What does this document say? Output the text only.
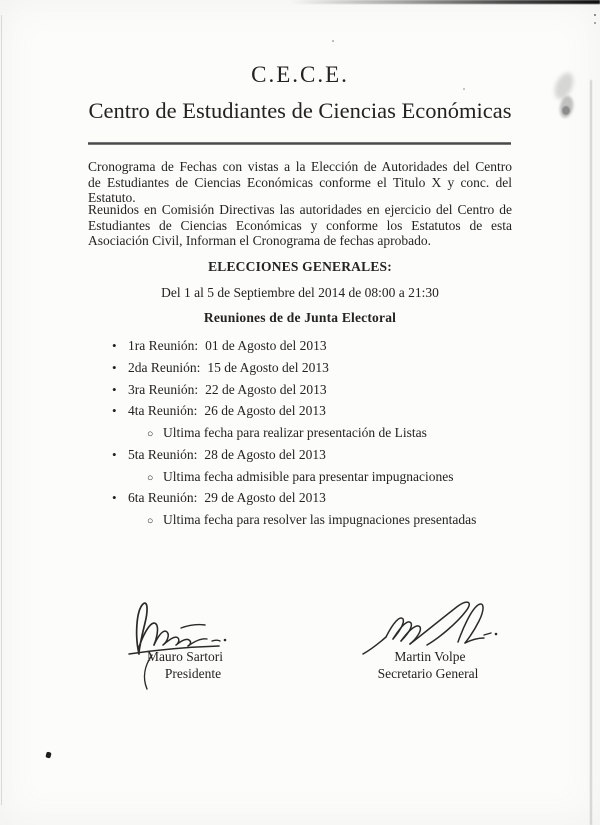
C.E.C.E.
Centro de Estudiantes de Ciencias Económicas
Cronograma de Fechas con vistas a la Elección de Autoridades del Centro de Estudiantes de Ciencias Económicas conforme el Titulo X y conc. del Estatuto.
Reunidos en Comisión Directivas las autoridades en ejercicio del Centro de Estudiantes de Ciencias Económicas y conforme los Estatutos de esta Asociación Civil, Informan el Cronograma de fechas aprobado.
ELECCIONES GENERALES:
Del 1 al 5 de Septiembre del 2014 de 08:00 a 21:30
Reuniones de de Junta Electoral
•
1ra Reunión: 01 de Agosto del 2013
•
2da Reunión: 15 de Agosto del 2013
•
3ra Reunión: 22 de Agosto del 2013
•
4ta Reunión: 26 de Agosto del 2013
○
Ultima fecha para realizar presentación de Listas
•
5ta Reunión: 28 de Agosto del 2013
○
Ultima fecha admisible para presentar impugnaciones
•
6ta Reunión: 29 de Agosto del 2013
○
Ultima fecha para resolver las impugnaciones presentadas
Mauro Sartori
Presidente
Martin Volpe
Secretario General
